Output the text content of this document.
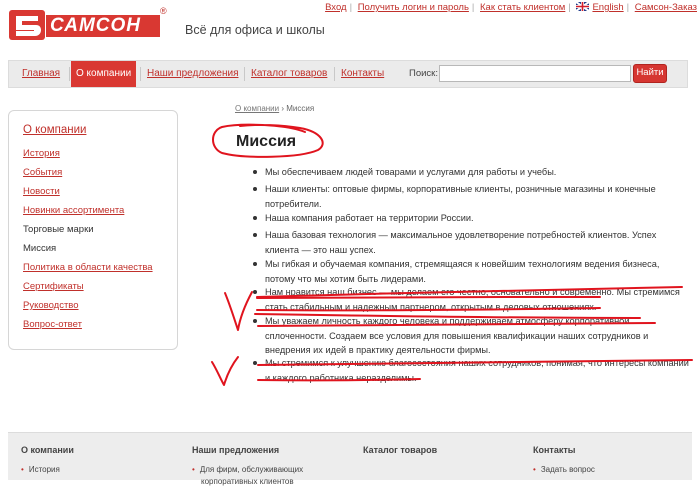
САМСОН
®
Всё для офиса и школы
Вход | Получить логин и пароль | Как стать клиентом | English | Самсон-Заказ
Главная	О компании	Наши предложения	Каталог товаров	Контакты	Поиск:	Найти
О компании
История
События
Новости
Новинки ассортимента
Торговые марки
Миссия
Политика в области качества
Сертификаты
Руководство
Вопрос-ответ
О компании › Миссия
Миссия
Мы обеспечиваем людей товарами и услугами для работы и учебы.
Наши клиенты: оптовые фирмы, корпоративные клиенты, розничные магазины и конечные потребители.
Наша компания работает на территории России.
Наша базовая технология — максимальное удовлетворение потребностей клиентов. Успех клиента — это наш успех.
Мы гибкая и обучаемая компания, стремящаяся к новейшим технологиям ведения бизнеса, потому что мы хотим быть лидерами.
Нам нравится наш бизнес — мы делаем его честно, основательно и современно. Мы стремимся стать стабильным и надежным партнером, открытым в деловых отношениях.
Мы уважаем личность каждого человека и поддерживаем атмосферу корпоративной сплоченности. Создаем все условия для повышения квалификации наших сотрудников и внедрения их идей в практику деятельности фирмы.
Мы стремимся к улучшению благосостояния наших сотрудников, понимая, что интересы компании и каждого работника неразделимы.
О компании
• История
Наши предложения
• Для фирм, обслуживающих
корпоративных клиентов
Каталог товаров	Контакты
• Задать вопрос
